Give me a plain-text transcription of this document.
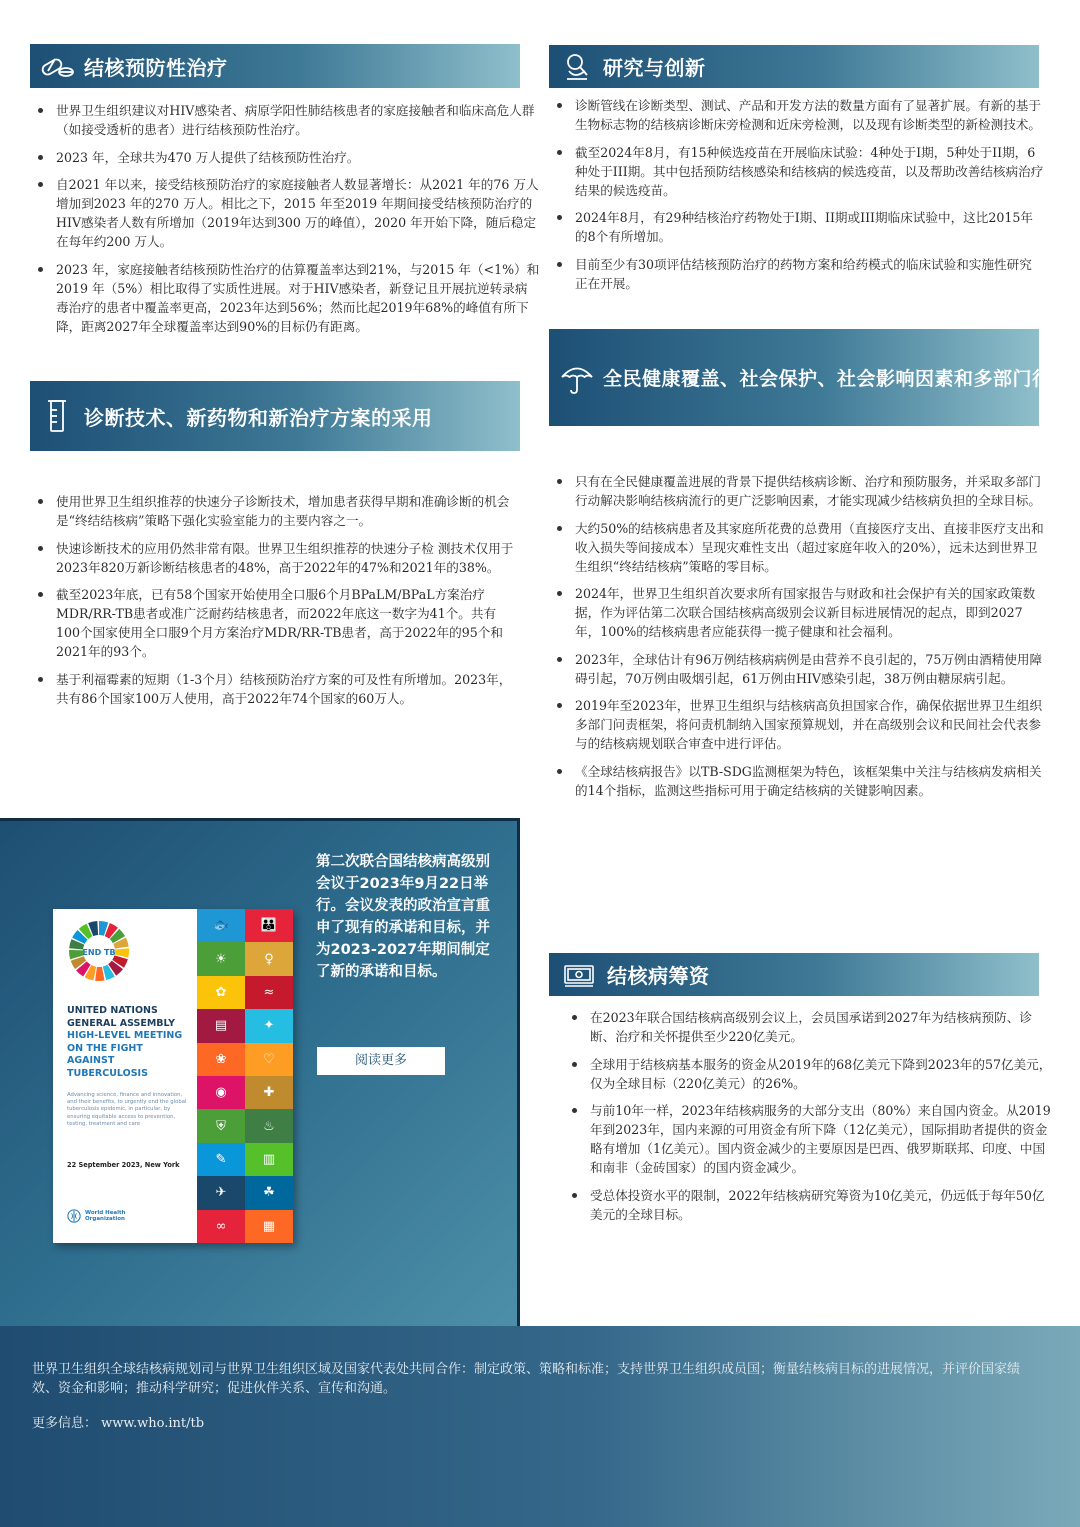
结核预防性治疗
世界卫生组织建议对HIV感染者、病原学阳性肺结核患者的家庭接触者和临床高危人群（如接受透析的患者）进行结核预防性治疗。
2023 年，全球共为470 万人提供了结核预防性治疗。
自2021 年以来，接受结核预防治疗的家庭接触者人数显著增长：从2021 年的76 万人增加到2023 年的270 万人。相比之下，2015 年至2019 年期间接受结核预防治疗的HIV感染者人数有所增加（2019年达到300 万的峰值），2020 年开始下降，随后稳定在每年约200 万人。
2023 年，家庭接触者结核预防性治疗的估算覆盖率达到21%，与2015 年（<1%）和2019 年（5%）相比取得了实质性进展。对于HIV感染者，新登记且开展抗逆转录病毒治疗的患者中覆盖率更高，2023年达到56%；然而比起2019年68%的峰值有所下降，距离2027年全球覆盖率达到90%的目标仍有距离。
诊断技术、新药物和新治疗方案的采用
使用世界卫生组织推荐的快速分子诊断技术，增加患者获得早期和准确诊断的机会是“终结结核病”策略下强化实验室能力的主要内容之一。
快速诊断技术的应用仍然非常有限。世界卫生组织推荐的快速分子检 测技术仅用于2023年820万新诊断结核患者的48%，高于2022年的47%和2021年的38%。
截至2023年底，已有58个国家开始使用全口服6个月BPaLM/BPaL方案治疗MDR/RR-TB患者或准广泛耐药结核患者，而2022年底这一数字为41个。共有100个国家使用全口服9个月方案治疗MDR/RR-TB患者，高于2022年的95个和2021年的93个。
基于利福霉素的短期（1-3个月）结核预防治疗方案的可及性有所增加。2023年，共有86个国家100万人使用，高于2022年74个国家的60万人。
研究与创新
诊断管线在诊断类型、测试、产品和开发方法的数量方面有了显著扩展。有新的基于生物标志物的结核病诊断床旁检测和近床旁检测，以及现有诊断类型的新检测技术。
截至2024年8月，有15种候选疫苗在开展临床试验：4种处于I期，5种处于II期，6种处于III期。其中包括预防结核感染和结核病的候选疫苗，以及帮助改善结核病治疗结果的候选疫苗。
2024年8月，有29种结核治疗药物处于I期、II期或III期临床试验中，这比2015年的8个有所增加。
目前至少有30项评估结核预防治疗的药物方案和给药模式的临床试验和实施性研究正在开展。
全民健康覆盖、社会保护、社会影响因素和多部门行动
只有在全民健康覆盖进展的背景下提供结核病诊断、治疗和预防服务，并采取多部门行动解决影响结核病流行的更广泛影响因素，才能实现减少结核病负担的全球目标。
大约50%的结核病患者及其家庭所花费的总费用（直接医疗支出、直接非医疗支出和收入损失等间接成本）呈现灾难性支出（超过家庭年收入的20%），远未达到世界卫生组织“终结结核病”策略的零目标。
2024年，世界卫生组织首次要求所有国家报告与财政和社会保护有关的国家政策数据，作为评估第二次联合国结核病高级别会议新目标进展情况的起点，即到2027年，100%的结核病患者应能获得一揽子健康和社会福利。
2023年，全球估计有96万例结核病病例是由营养不良引起的，75万例由酒精使用障碍引起，70万例由吸烟引起，61万例由HIV感染引起，38万例由糖尿病引起。
2019年至2023年，世界卫生组织与结核病高负担国家合作，确保依据世界卫生组织多部门问责框架，将问责机制纳入国家预算规划，并在高级别会议和民间社会代表参与的结核病规划联合审查中进行评估。
《全球结核病报告》以TB-SDG监测框架为特色，该框架集中关注与结核病发病相关的14个指标，监测这些指标可用于确定结核病的关键影响因素。
结核病筹资
在2023年联合国结核病高级别会议上，会员国承诺到2027年为结核病预防、诊断、治疗和关怀提供至少220亿美元。
全球用于结核病基本服务的资金从2019年的68亿美元下降到2023年的57亿美元，仅为全球目标（220亿美元）的26%。
与前10年一样，2023年结核病服务的大部分支出（80%）来自国内资金。从2019年到2023年，国内来源的可用资金有所下降（12亿美元），国际捐助者提供的资金略有增加（1亿美元）。国内资金减少的主要原因是巴西、俄罗斯联邦、印度、中国和南非（金砖国家）的国内资金减少。
受总体投资水平的限制，2022年结核病研究筹资为10亿美元，仍远低于每年50亿美元的全球目标。
END TB
UNITED NATIONS GENERAL ASSEMBLY
HIGH-LEVEL MEETING ON THE FIGHT AGAINST TUBERCULOSIS
Advancing science, finance and innovation, and their benefits, to urgently end the global tuberculosis epidemic, in particular, by ensuring equitable access to prevention, testing, treatment and care
22 September 2023, New York
World Health Organization
🐟	👪
☀	♀
✿	≈
▤	✦
❀	♡
◉	✚
⛨	♨
✎	▥
✈	☘
∞	▦
第二次联合国结核病高级别会议于2023年9月22日举行。会议发表的政治宣言重申了现有的承诺和目标，并为2023-2027年期间制定了新的承诺和目标。
阅读更多
世界卫生组织全球结核病规划司与世界卫生组织区域及国家代表处共同合作：制定政策、策略和标准；支持世界卫生组织成员国；衡量结核病目标的进展情况，并评价国家绩效、资金和影响；推动科学研究；促进伙伴关系、宣传和沟通。
更多信息： www.who.int/tb
